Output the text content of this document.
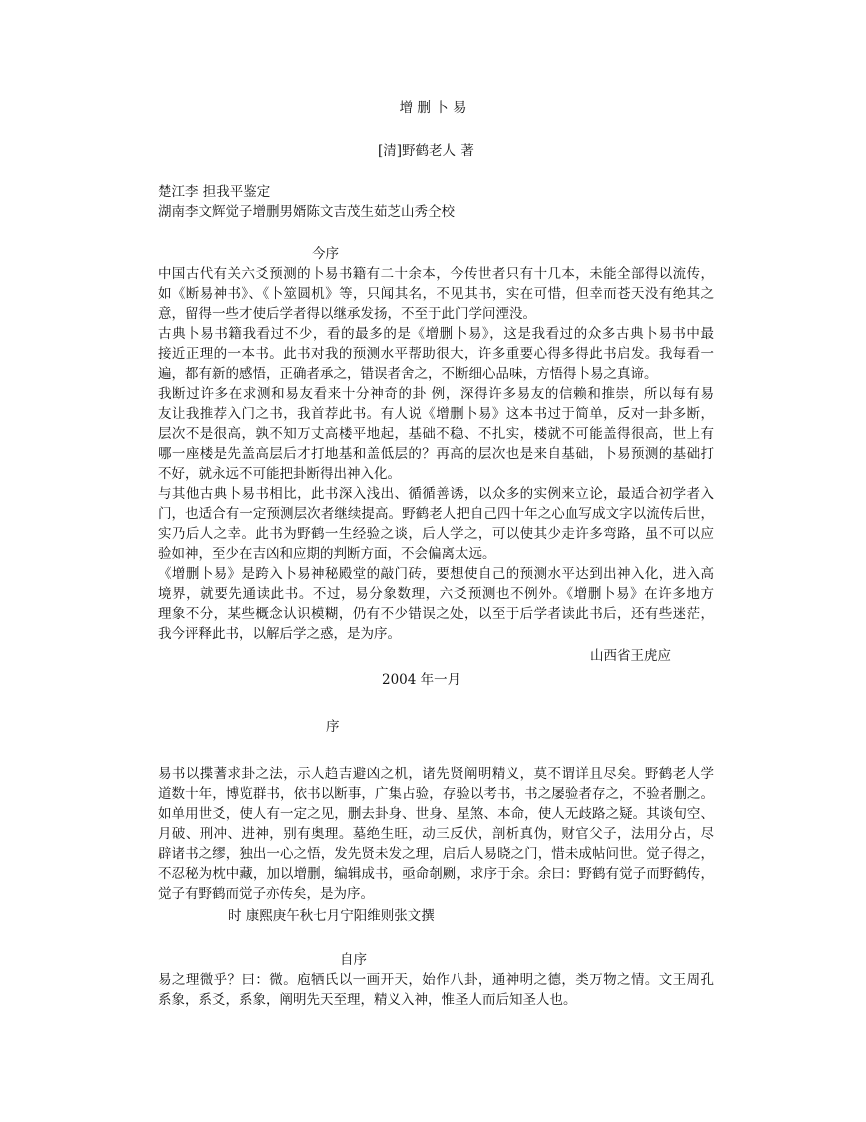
增 删 卜 易
[清]野鹤老人 著
楚江李 担我平鉴定
湖南李文辉觉子增删男婿陈文吉茂生茹芝山秀仝校
今序
中国古代有关六爻预测的卜易书籍有二十余本，今传世者只有十几本，未能全部得以流传，
如《断易神书》、《卜筮圆机》等，只闻其名，不见其书，实在可惜，但幸而苍天没有绝其之
意，留得一些才使后学者得以继承发扬，不至于此门学问湮没。
古典卜易书籍我看过不少，看的最多的是《增删卜易》，这是我看过的众多古典卜易书中最
接近正理的一本书。此书对我的预测水平帮助很大，许多重要心得多得此书启发。我每看一
遍，都有新的感悟，正确者承之，错误者舍之，不断细心品味，方悟得卜易之真谛。
我断过许多在求测和易友看来十分神奇的卦 例，深得许多易友的信赖和推崇，所以每有易
友让我推荐入门之书，我首荐此书。有人说《增删卜易》这本书过于简单，反对一卦多断，
层次不是很高，孰不知万丈高楼平地起，基础不稳、不扎实，楼就不可能盖得很高，世上有
哪一座楼是先盖高层后才打地基和盖低层的？再高的层次也是来自基础，卜易预测的基础打
不好，就永远不可能把卦断得出神入化。
与其他古典卜易书相比，此书深入浅出、循循善诱，以众多的实例来立论，最适合初学者入
门，也适合有一定预测层次者继续提高。野鹤老人把自己四十年之心血写成文字以流传后世，
实乃后人之幸。此书为野鹤一生经验之谈，后人学之，可以使其少走许多弯路，虽不可以应
验如神，至少在吉凶和应期的判断方面，不会偏离太远。
《增删卜易》是跨入卜易神秘殿堂的敲门砖，要想使自己的预测水平达到出神入化，进入高
境界，就要先通读此书。不过，易分象数理，六爻预测也不例外。《增删卜易》在许多地方
理象不分，某些概念认识模糊，仍有不少错误之处，以至于后学者读此书后，还有些迷茫，
我今评释此书，以解后学之惑，是为序。
山西省王虎应
2004 年一月
序
易书以揲蓍求卦之法，示人趋吉避凶之机，诸先贤阐明精义，莫不谓详且尽矣。野鹤老人学
道数十年，博览群书，依书以断事，广集占验，存验以考书，书之屡验者存之，不验者删之。
如单用世爻，使人有一定之见，删去卦身、世身、星煞、本命，使人无歧路之疑。其谈旬空、
月破、刑冲、进神，别有奥理。墓绝生旺，动三反伏，剖析真伪，财官父子，法用分占，尽
辟诸书之缪，独出一心之悟，发先贤未发之理，启后人易晓之门，惜未成帖问世。觉子得之，
不忍秘为枕中藏，加以增删，编辑成书，亟命剞劂，求序于余。余曰：野鹤有觉子而野鹤传，
觉子有野鹤而觉子亦传矣，是为序。
时 康熙庚午秋七月宁阳维则张文撰
自序
易之理微乎？曰：微。庖牺氏以一画开天，始作八卦，通神明之德，类万物之情。文王周孔
系象，系爻，系象，阐明先天至理，精义入神，惟圣人而后知圣人也。
